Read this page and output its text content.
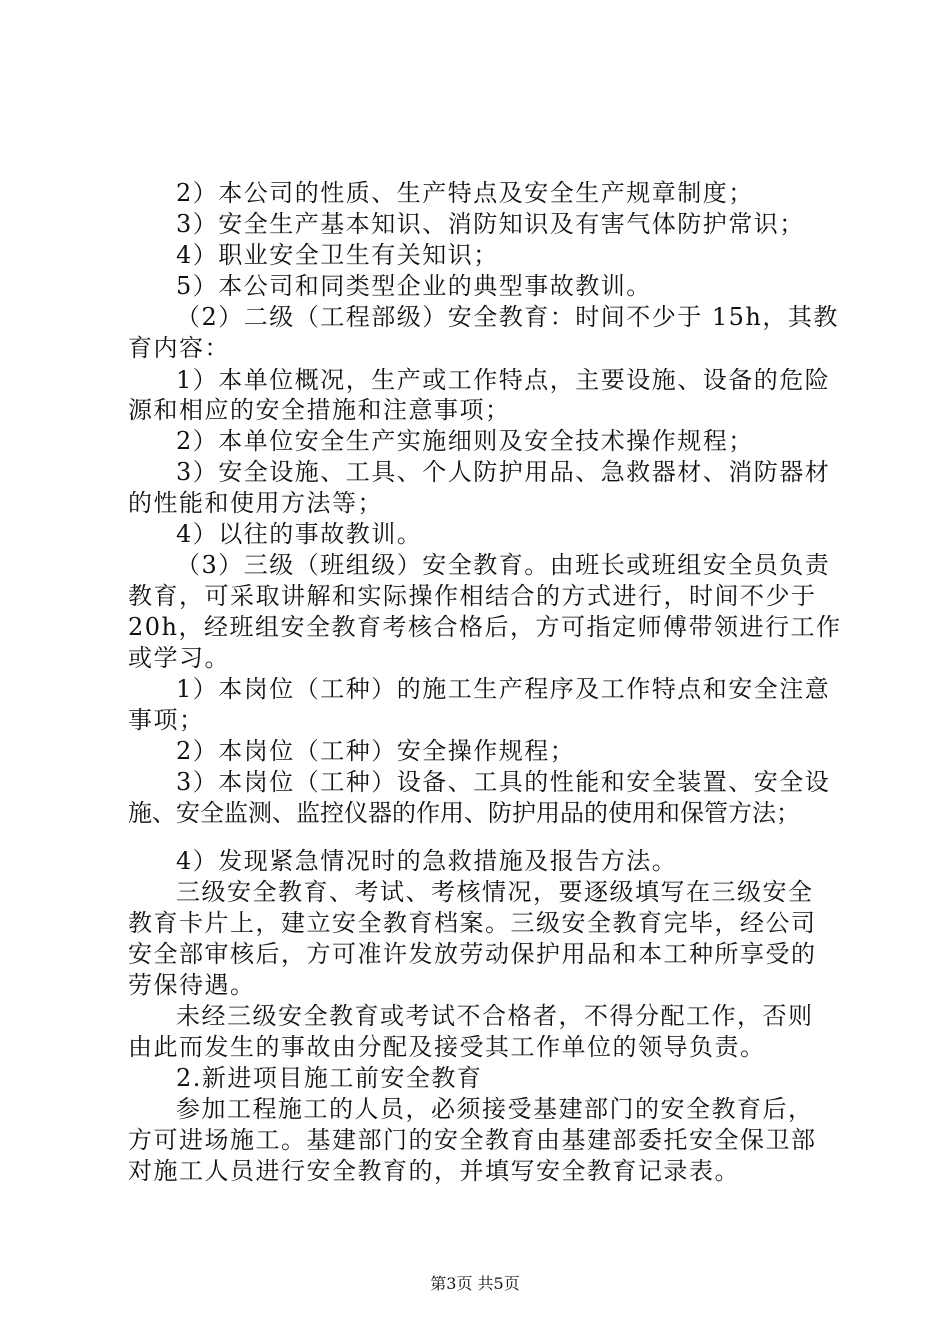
2）本公司的性质、生产特点及安全生产规章制度；
3）安全生产基本知识、消防知识及有害气体防护常识；
4）职业安全卫生有关知识；
5）本公司和同类型企业的典型事故教训。
（2）二级（工程部级）安全教育：时间不少于 15h，其教
育内容：
1）本单位概况，生产或工作特点，主要设施、设备的危险
源和相应的安全措施和注意事项；
2）本单位安全生产实施细则及安全技术操作规程；
3）安全设施、工具、个人防护用品、急救器材、消防器材
的性能和使用方法等；
4）以往的事故教训。
（3）三级（班组级）安全教育。由班长或班组安全员负责
教育，可采取讲解和实际操作相结合的方式进行，时间不少于
20h，经班组安全教育考核合格后，方可指定师傅带领进行工作
或学习。
1）本岗位（工种）的施工生产程序及工作特点和安全注意
事项；
2）本岗位（工种）安全操作规程；
3）本岗位（工种）设备、工具的性能和安全装置、安全设
施、安全监测、监控仪器的作用、防护用品的使用和保管方法；
4）发现紧急情况时的急救措施及报告方法。
三级安全教育、考试、考核情况，要逐级填写在三级安全
教育卡片上，建立安全教育档案。三级安全教育完毕，经公司
安全部审核后，方可准许发放劳动保护用品和本工种所享受的
劳保待遇。
未经三级安全教育或考试不合格者，不得分配工作，否则
由此而发生的事故由分配及接受其工作单位的领导负责。
2.新进项目施工前安全教育
参加工程施工的人员，必须接受基建部门的安全教育后，
方可进场施工。基建部门的安全教育由基建部委托安全保卫部
对施工人员进行安全教育的，并填写安全教育记录表。
第3页 共5页
